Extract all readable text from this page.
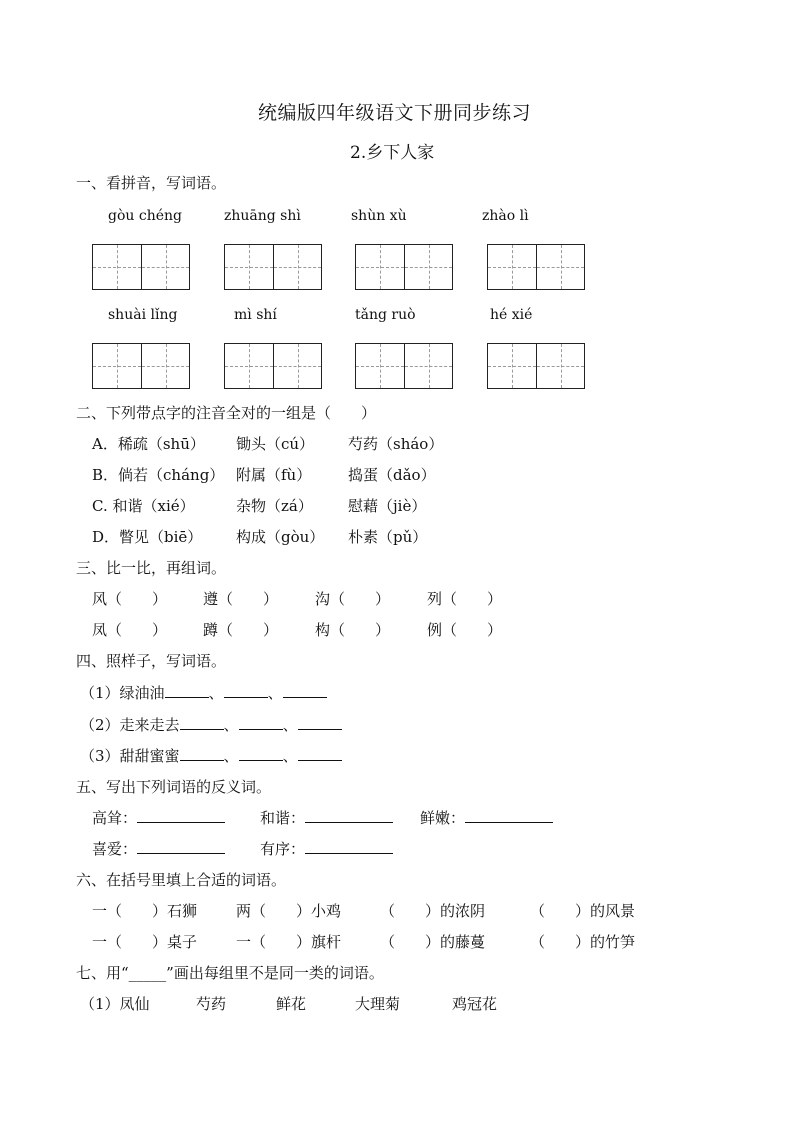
统编版四年级语文下册同步练习
2.乡下人家
一、看拼音，写词语。
gòu chéng	zhuāng shì	shùn xù	zhào lì
shuài lǐng	mì shí	tǎng ruò	hé xié
二、下列带点字的注音全对的一组是（　　）
A．稀疏（shū） 锄头（cú） 芍药（sháo）
B．倘若（cháng） 附属（fù） 捣蛋（dǎo）
C. 和谐（xié）	杂物（zá） 慰藉（jiè）
D．瞥见（biē） 构成（gòu） 朴素（pǔ）
三、比一比，再组词。
风（　　） 遵（　　） 沟（　　） 列（　　）
凤（　　） 蹲（　　） 构（　　） 例（　　）
四、照样子，写词语。
（1）绿油油	、	、
（2）走来走去	、	、
（3）甜甜蜜蜜	、	、
五、写出下列词语的反义词。
高耸：	和谐：	鲜嫩：
喜爱：	有序：
六、在括号里填上合适的词语。
一（　　）石狮	两（　　）小鸡	（　　）的浓阴	（　　）的风景
一（　　）桌子	一（　　）旗杆	（　　）的藤蔓	（　　）的竹笋
七、用“_____”画出每组里不是同一类的词语。
（1）凤仙	芍药	鲜花	大理菊	鸡冠花
